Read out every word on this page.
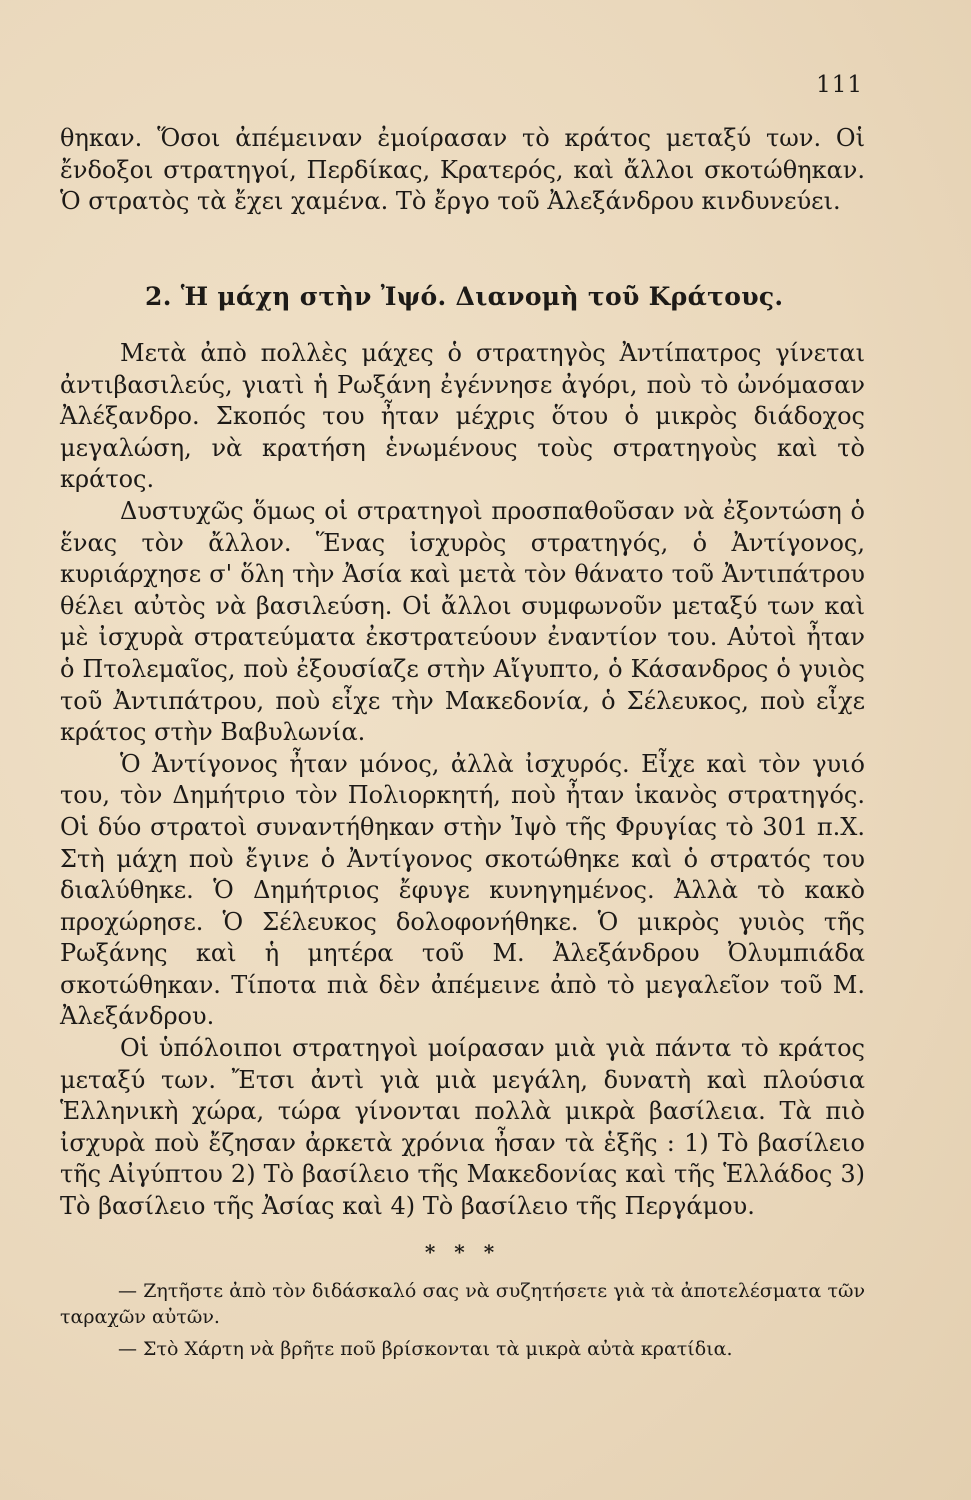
111

θηκαν. Ὅσοι ἀπέμειναν ἐμοίρασαν τὸ κράτος μεταξύ των. Οἱ ἔνδοξοι στρατηγοί, Περδίκας, Κρατερός, καὶ ἄλλοι σκοτώθηκαν. Ὁ στρατὸς τὰ ἔχει χαμένα. Τὸ ἔργο τοῦ Ἀλεξάνδρου κινδυνεύει.

2. Ἡ μάχη στὴν Ἰψό. Διανομὴ τοῦ Κράτους.

Μετὰ ἀπὸ πολλὲς μάχες ὁ στρατηγὸς Ἀντίπατρος γίνεται ἀντιβασιλεύς, γιατὶ ἡ Ρωξάνη ἐγέννησε ἀγόρι, ποὺ τὸ ὠνόμασαν Ἀλέξανδρο. Σκοπός του ἦταν μέχρις ὅτου ὁ μικρὸς διάδοχος μεγαλώση, νὰ κρατήση ἑνωμένους τοὺς στρατηγοὺς καὶ τὸ κράτος.

Δυστυχῶς ὅμως οἱ στρατηγοὶ προσπαθοῦσαν νὰ ἐξοντώση ὁ ἕνας τὸν ἄλλον. Ἕνας ἰσχυρὸς στρατηγός, ὁ Ἀντίγονος, κυριάρχησε σ' ὅλη τὴν Ἀσία καὶ μετὰ τὸν θάνατο τοῦ Ἀντιπάτρου θέλει αὐτὸς νὰ βασιλεύση. Οἱ ἄλλοι συμφωνοῦν μεταξύ των καὶ μὲ ἰσχυρὰ στρατεύματα ἐκστρατεύουν ἐναντίον του. Αὐτοὶ ἦταν ὁ Πτολεμαῖος, ποὺ ἐξουσίαζε στὴν Αἴγυπτο, ὁ Κάσανδρος ὁ γυιὸς τοῦ Ἀντιπάτρου, ποὺ εἶχε τὴν Μακεδονία, ὁ Σέλευκος, ποὺ εἶχε κράτος στὴν Βαβυλωνία.

Ὁ Ἀντίγονος ἦταν μόνος, ἀλλὰ ἰσχυρός. Εἶχε καὶ τὸν γυιό του, τὸν Δημήτριο τὸν Πολιορκητή, ποὺ ἦταν ἱκανὸς στρατηγός. Οἱ δύο στρατοὶ συναντήθηκαν στὴν Ἰψὸ τῆς Φρυγίας τὸ 301 π.Χ. Στὴ μάχη ποὺ ἔγινε ὁ Ἀντίγονος σκοτώθηκε καὶ ὁ στρατός του διαλύθηκε. Ὁ Δημήτριος ἔφυγε κυνηγημένος. Ἀλλὰ τὸ κακὸ προχώρησε. Ὁ Σέλευκος δολοφονήθηκε. Ὁ μικρὸς γυιὸς τῆς Ρωξάνης καὶ ἡ μητέρα τοῦ Μ. Ἀλεξάνδρου Ὀλυμπιάδα σκοτώθηκαν. Τίποτα πιὰ δὲν ἀπέμεινε ἀπὸ τὸ μεγαλεῖον τοῦ Μ. Ἀλεξάνδρου.

Οἱ ὑπόλοιποι στρατηγοὶ μοίρασαν μιὰ γιὰ πάντα τὸ κράτος μεταξύ των. Ἔτσι ἀντὶ γιὰ μιὰ μεγάλη, δυνατὴ καὶ πλούσια Ἑλληνικὴ χώρα, τώρα γίνονται πολλὰ μικρὰ βασίλεια. Τὰ πιὸ ἰσχυρὰ ποὺ ἔζησαν ἀρκετὰ χρόνια ἦσαν τὰ ἑξῆς : 1) Τὸ βασίλειο τῆς Αἰγύπτου 2) Τὸ βασίλειο τῆς Μακεδονίας καὶ τῆς Ἑλλάδος 3) Τὸ βασίλειο τῆς Ἀσίας καὶ 4) Τὸ βασίλειο τῆς Περγάμου.

* * *

— Ζητῆστε ἀπὸ τὸν διδάσκαλό σας νὰ συζητήσετε γιὰ τὰ ἀποτελέσματα τῶν ταραχῶν αὐτῶν.

— Στὸ Χάρτη νὰ βρῆτε ποῦ βρίσκονται τὰ μικρὰ αὐτὰ κρατίδια.
